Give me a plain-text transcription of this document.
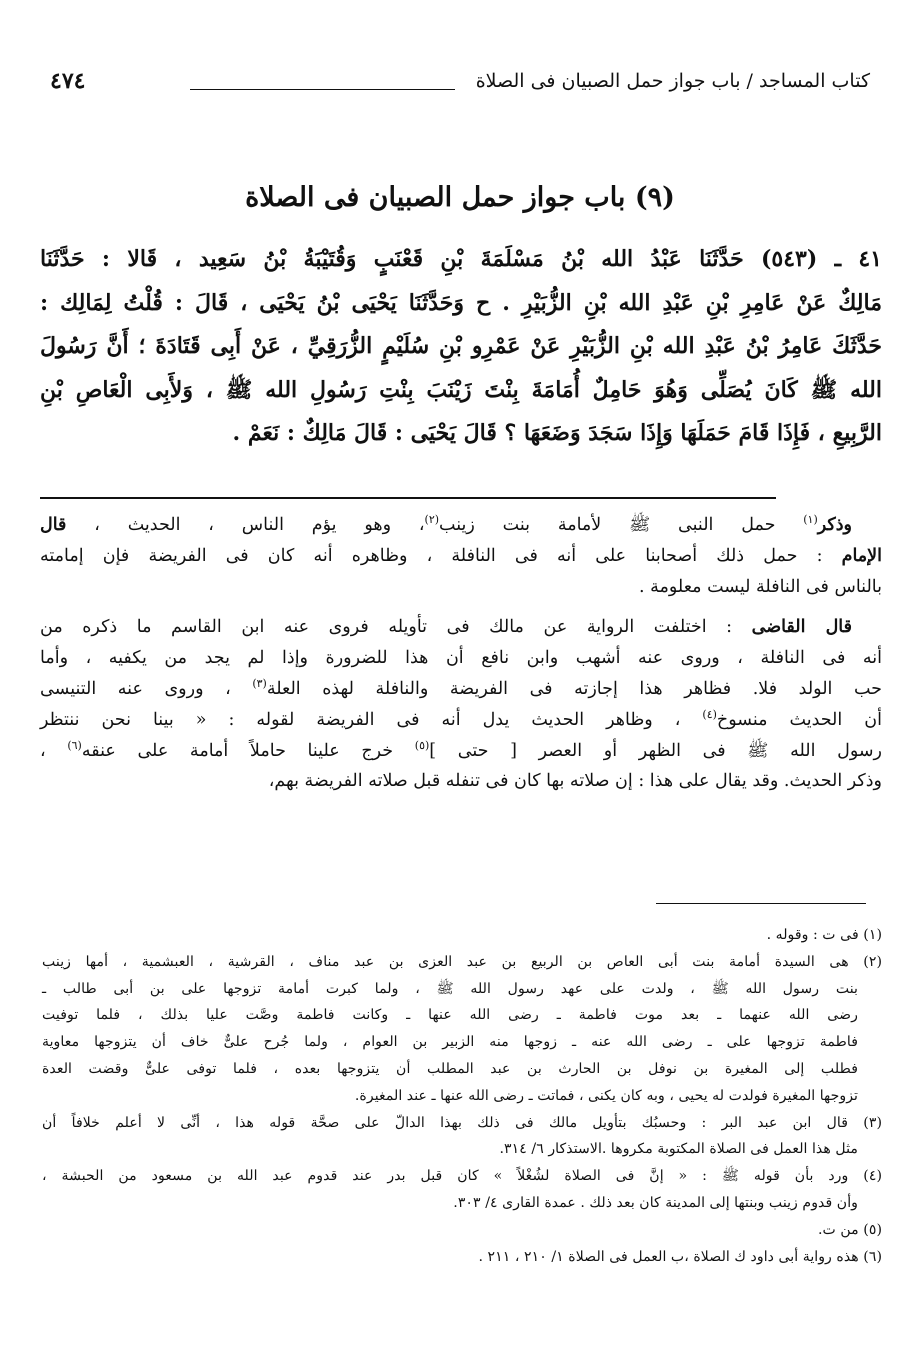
كتاب المساجد / باب جواز حمل الصبيان فى الصلاة
٤٧٤
(٩) باب جواز حمل الصبيان فى الصلاة
٤١ ـ (٥٤٣) حَدَّثَنَا عَبْدُ الله بْنُ مَسْلَمَةَ بْنِ قَعْنَبٍ وَقُتَيْبَةُ بْنُ سَعِيد ، قَالا : حَدَّثَنَا
مَالِكٌ عَنْ عَامِرِ بْنِ عَبْدِ الله بْنِ الزُّبَيْرِ . ح وَحَدَّثَنَا يَحْيَى بْنُ يَحْيَى ، قَالَ : قُلْتُ لِمَالِك :
حَدَّثَكَ عَامِرُ بْنُ عَبْدِ الله بْنِ الزُّبَيْرِ عَنْ عَمْرِو بْنِ سُلَيْمٍ الزُّرَقِيِّ ، عَنْ أَبِى قَتَادَةَ ؛ أَنَّ رَسُولَ
الله ﷺ كَانَ يُصَلِّى وَهُوَ حَامِلٌ أُمَامَةَ بِنْتَ زَيْنَبَ بِنْتِ رَسُولِ الله ﷺ ، وَلأَبِى الْعَاصِ بْنِ
الرَّبِيعِ ، فَإِذَا قَامَ حَمَلَهَا وَإِذَا سَجَدَ وَضَعَهَا ؟ قَالَ يَحْيَى : قَالَ مَالِكٌ : نَعَمْ .
وذكر$^{(١)}$ حمل النبى ﷺ لأمامة بنت زينب$^{(٢)}$، وهو يؤم الناس ، الحديث ، قال
الإمام : حمل ذلك أصحابنا على أنه فى النافلة ، وظاهره أنه كان فى الفريضة فإن إمامته
بالناس فى النافلة ليست معلومة .
قال القاضى : اختلفت الرواية عن مالك فى تأويله فروى عنه ابن القاسم ما ذكره من
أنه فى النافلة ، وروى عنه أشهب وابن نافع أن هذا للضرورة وإذا لم يجد من يكفيه ، وأما
حب الولد فلا. فظاهر هذا إجازته فى الفريضة والنافلة لهذه العلة$^{(٣)}$ ، وروى عنه التنيسى
أن الحديث منسوخ$^{(٤)}$ ، وظاهر الحديث يدل أنه فى الفريضة لقوله : « بينا نحن ننتظر
رسول الله ﷺ فى الظهر أو العصر [ حتى ]$^{(٥)}$ خرج علينا حاملاً أمامة على عنقه$^{(٦)}$ ،
وذكر الحديث. وقد يقال على هذا : إن صلاته بها كان فى تنفله قبل صلاته الفريضة بهم،
(١) فى ت : وقوله .
(٢) هى السيدة أمامة بنت أبى العاص بن الربيع بن عبد العزى بن عبد مناف ، القرشية ، العبشمية ، أمها زينب
بنت رسول الله ﷺ ، ولدت على عهد رسول الله ﷺ ، ولما كبرت أمامة تزوجها على بن أبى طالب ـ
رضى الله عنهما ـ بعد موت فاطمة ـ رضى الله عنها ـ وكانت فاطمة وصَّت عليا بذلك ، فلما توفيت
فاطمة تزوجها على ـ رضى الله عنه ـ زوجها منه الزبير بن العوام ، ولما جُرح علىٌّ خاف أن يتزوجها معاوية
فطلب إلى المغيرة بن نوفل بن الحارث بن عبد المطلب أن يتزوجها بعده ، فلما توفى علىٌّ وقضت العدة
تزوجها المغيرة فولدت له يحيى ، وبه كان يكنى ، فماتت ـ رضى الله عنها ـ عند المغيرة.
(٣) قال ابن عبد البر : وحسبُك بتأويل مالك فى ذلك بهذا الدالّ على صحَّة قوله هذا ، أنِّى لا أعلم خلافاً أن
مثل هذا العمل فى الصلاة المكتوبة مكروها .الاستذكار ٦/ ٣١٤.
(٤) ورد بأن قوله ﷺ : « إنَّ فى الصلاة لشُغْلاً » كان قبل بدر عند قدوم عبد الله بن مسعود من الحبشة ،
وأن قدوم زينب وبنتها إلى المدينة كان بعد ذلك . عمدة القارى ٤/ ٣٠٣.
(٥) من ت.
(٦) هذه رواية أبى داود ك الصلاة ،ب العمل فى الصلاة ١/ ٢١٠ ، ٢١١ .
